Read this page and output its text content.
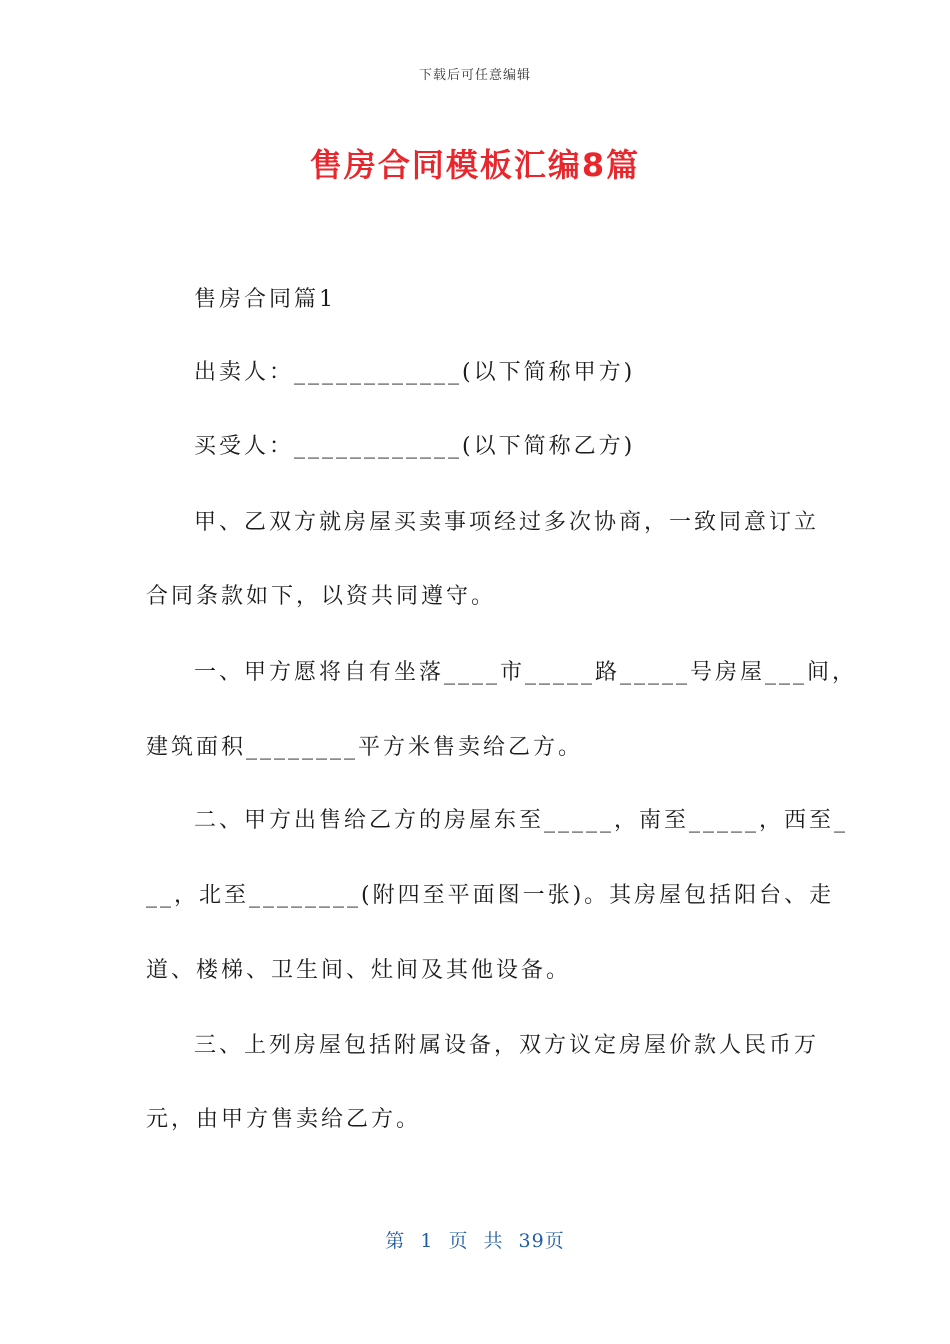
下载后可任意编辑
售房合同模板汇编8篇
售房合同篇1
出卖人：____________(以下简称甲方)
买受人：____________(以下简称乙方)
甲、乙双方就房屋买卖事项经过多次协商，一致同意订立
合同条款如下，以资共同遵守。
一、甲方愿将自有坐落____市_____路_____号房屋___间，
建筑面积________平方米售卖给乙方。
二、甲方出售给乙方的房屋东至_____，南至_____，西至_
__，北至________(附四至平面图一张)。其房屋包括阳台、走
道、楼梯、卫生间、灶间及其他设备。
三、上列房屋包括附属设备，双方议定房屋价款人民币万
元，由甲方售卖给乙方。
第 1 页 共 39页
